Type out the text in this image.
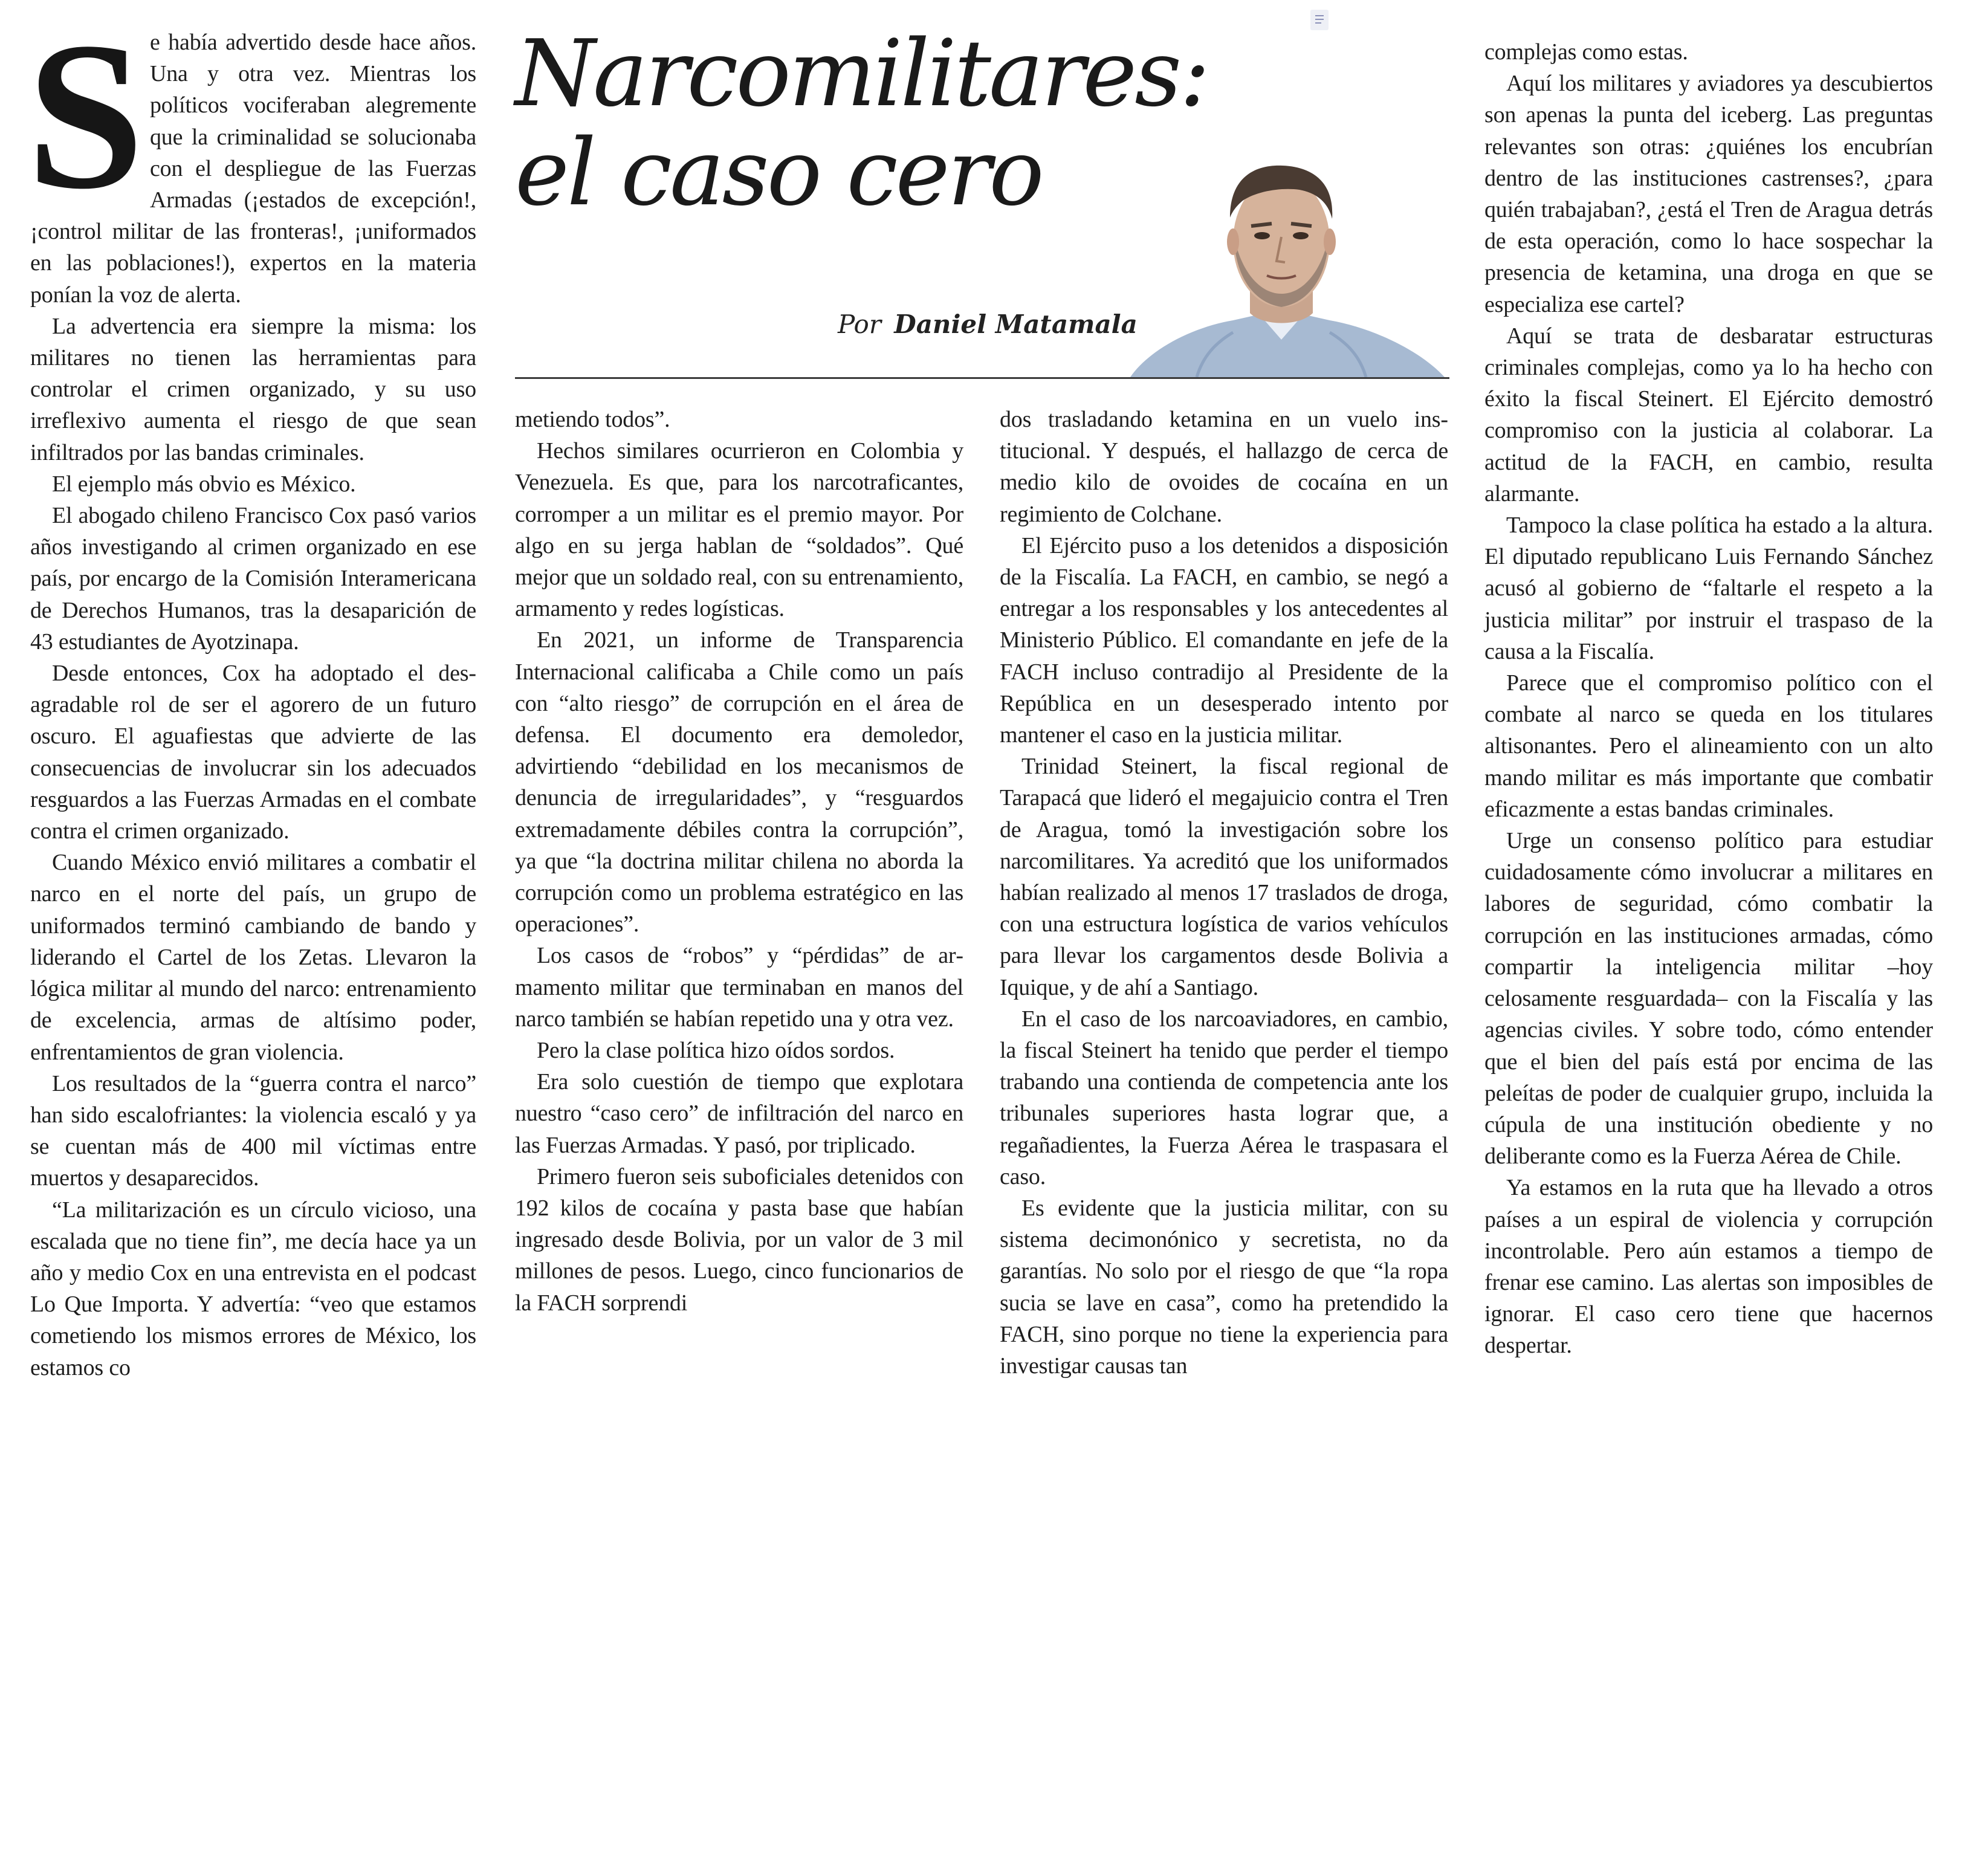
Narcomilitares:
el caso cero
Por Daniel Matamala
S e había advertido desde hace años. Una y otra vez. Mientras los políticos vociferaban alegremente que la criminalidad se solucionaba con el despliegue de las Fuerzas Armadas (¡estados de excepción!, ¡control militar de las fronteras!, ¡uniformados en las poblaciones!), expertos en la materia ponían la voz de alerta.

La advertencia era siempre la misma: los militares no tienen las herramientas para controlar el crimen organizado, y su uso irreflexivo aumenta el riesgo de que sean infiltrados por las bandas criminales.

El ejemplo más obvio es México.

El abogado chileno Francisco Cox pasó varios años investigando al crimen organizado en ese país, por encargo de la Comisión Interamericana de Derechos Humanos, tras la desaparición de 43 estudiantes de Ayotzinapa.

Desde entonces, Cox ha adoptado el desagradable rol de ser el agorero de un futuro oscuro. El aguafiestas que advierte de las consecuencias de involucrar sin los adecuados resguardos a las Fuerzas Armadas en el combate contra el crimen organizado.

Cuando México envió militares a combatir el narco en el norte del país, un grupo de uniformados terminó cambiando de bando y liderando el Cartel de los Zetas. Llevaron la lógica militar al mundo del narco: entrenamiento de excelencia, armas de altísimo poder, enfrentamientos de gran violencia.

Los resultados de la “guerra contra el narco” han sido escalofriantes: la violencia escaló y ya se cuentan más de 400 mil víctimas entre muertos y desaparecidos.

“La militarización es un círculo vicioso, una escalada que no tiene fin”, me decía hace ya un año y medio Cox en una entrevista en el podcast Lo Que Importa. Y advertía: “veo que estamos cometiendo los mismos errores de México, los estamos co

metiendo todos”.

Hechos similares ocurrieron en Colombia y Venezuela. Es que, para los narcotraficantes, corromper a un militar es el premio mayor. Por algo en su jerga hablan de “soldados”. Qué mejor que un soldado real, con su entrenamiento, armamento y redes logísticas.

En 2021, un informe de Transparencia Internacional calificaba a Chile como un país con “alto riesgo” de corrupción en el área de defensa. El documento era demoledor, advirtiendo “debilidad en los mecanismos de denuncia de irregularidades”, y “resguardos extremadamente débiles contra la corrupción”, ya que “la doctrina militar chilena no aborda la corrupción como un problema estratégico en las operaciones”.

Los casos de “robos” y “pérdidas” de armamento militar que terminaban en manos del narco también se habían repetido una y otra vez.

Pero la clase política hizo oídos sordos.

Era solo cuestión de tiempo que explotara nuestro “caso cero” de infiltración del narco en las Fuerzas Armadas. Y pasó, por triplicado.

Primero fueron seis suboficiales detenidos con 192 kilos de cocaína y pasta base que habían ingresado desde Bolivia, por un valor de 3 mil millones de pesos. Luego, cinco funcionarios de la FACH sorprendi

dos trasladando ketamina en un vuelo institucional. Y después, el hallazgo de cerca de medio kilo de ovoides de cocaína en un regimiento de Colchane.

El Ejército puso a los detenidos a disposición de la Fiscalía. La FACH, en cambio, se negó a entregar a los responsables y los antecedentes al Ministerio Público. El comandante en jefe de la FACH incluso contradijo al Presidente de la República en un desesperado intento por mantener el caso en la justicia militar.

Trinidad Steinert, la fiscal regional de Tarapacá que lideró el megajuicio contra el Tren de Aragua, tomó la investigación sobre los narcomilitares. Ya acreditó que los uniformados habían realizado al menos 17 traslados de droga, con una estructura logística de varios vehículos para llevar los cargamentos desde Bolivia a Iquique, y de ahí a Santiago.

En el caso de los narcoaviadores, en cambio, la fiscal Steinert ha tenido que perder el tiempo trabando una contienda de competencia ante los tribunales superiores hasta lograr que, a regañadientes, la Fuerza Aérea le traspasara el caso.

Es evidente que la justicia militar, con su sistema decimonónico y secretista, no da garantías. No solo por el riesgo de que “la ropa sucia se lave en casa”, como ha pretendido la FACH, sino porque no tiene la experiencia para investigar causas tan

complejas como estas.

Aquí los militares y aviadores ya descubiertos son apenas la punta del iceberg. Las preguntas relevantes son otras: ¿quiénes los encubrían dentro de las instituciones castrenses?, ¿para quién trabajaban?, ¿está el Tren de Aragua detrás de esta operación, como lo hace sospechar la presencia de ketamina, una droga en que se especializa ese cartel?

Aquí se trata de desbaratar estructuras criminales complejas, como ya lo ha hecho con éxito la fiscal Steinert. El Ejército demostró compromiso con la justicia al colaborar. La actitud de la FACH, en cambio, resulta alarmante.

Tampoco la clase política ha estado a la altura. El diputado republicano Luis Fernando Sánchez acusó al gobierno de “faltarle el respeto a la justicia militar” por instruir el traspaso de la causa a la Fiscalía.

Parece que el compromiso político con el combate al narco se queda en los titulares altisonantes. Pero el alineamiento con un alto mando militar es más importante que combatir eficazmente a estas bandas criminales.

Urge un consenso político para estudiar cuidadosamente cómo involucrar a militares en labores de seguridad, cómo combatir la corrupción en las instituciones armadas, cómo compartir la inteligencia militar –hoy celosamente resguardada– con la Fiscalía y las agencias civiles. Y sobre todo, cómo entender que el bien del país está por encima de las peleítas de poder de cualquier grupo, incluida la cúpula de una institución obediente y no deliberante como es la Fuerza Aérea de Chile.

Ya estamos en la ruta que ha llevado a otros países a un espiral de violencia y corrupción incontrolable. Pero aún estamos a tiempo de frenar ese camino. Las alertas son imposibles de ignorar. El caso cero tiene que hacernos despertar.
